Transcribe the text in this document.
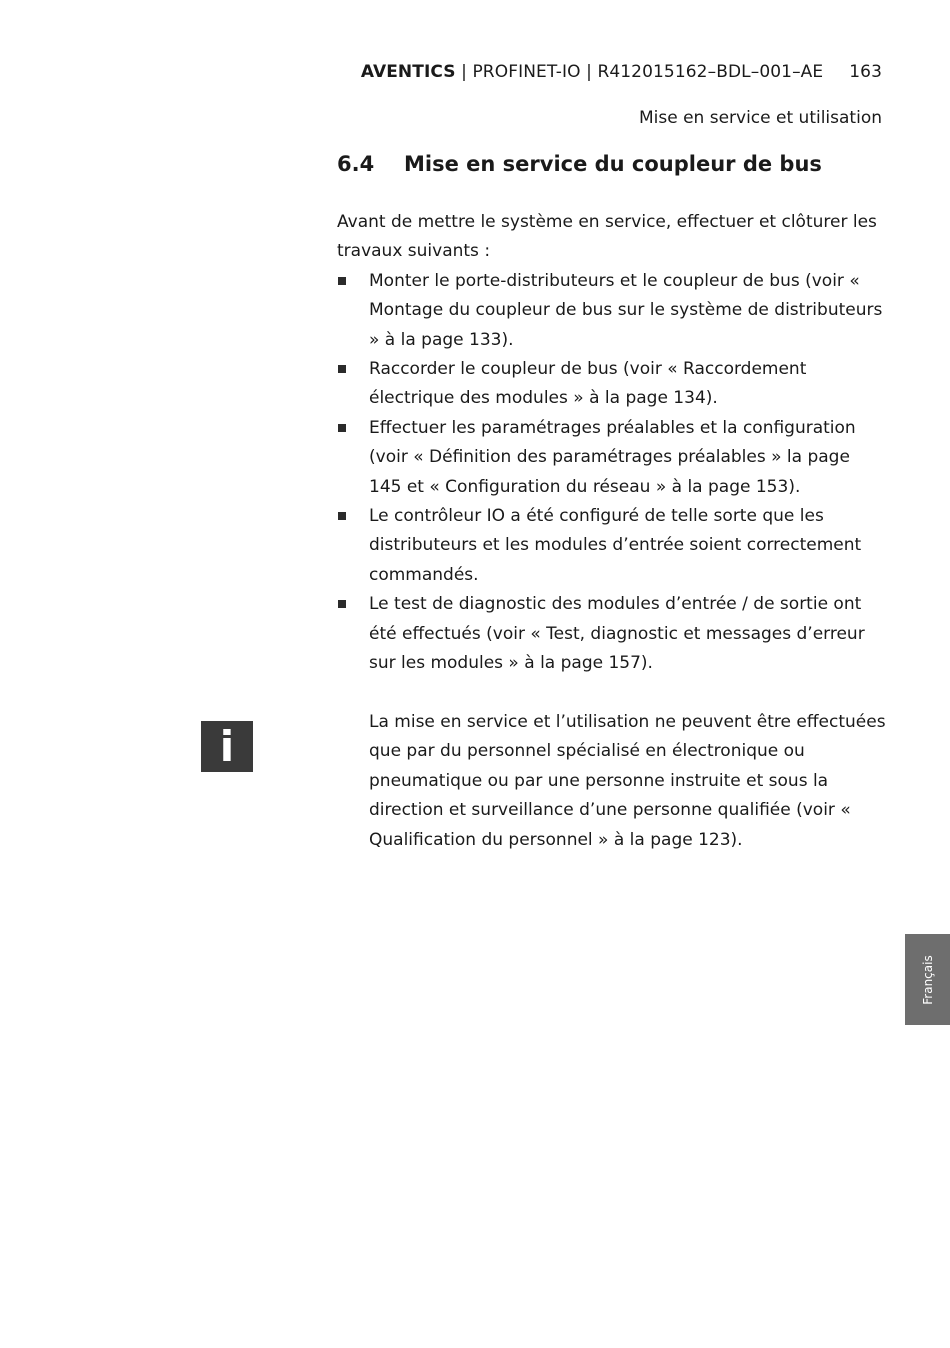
AVENTICS | PROFINET-IO | R412015162–BDL–001–AE 163
Mise en service et utilisation
6.4 Mise en service du coupleur de bus

Avant de mettre le système en service, effectuer et clôturer les travaux suivants :

Monter le porte-distributeurs et le coupleur de bus (voir « Montage du coupleur de bus sur le système de distributeurs » à la page 133).
Raccorder le coupleur de bus (voir « Raccordement électrique des modules » à la page 134).
Effectuer les paramétrages préalables et la configuration (voir « Définition des paramétrages préalables » la page 145 et « Configuration du réseau » à la page 153).
Le contrôleur IO a été configuré de telle sorte que les distributeurs et les modules d’entrée soient correctement commandés.
Le test de diagnostic des modules d’entrée / de sortie ont été effectués (voir « Test, diagnostic et messages d’erreur sur les modules » à la page 157).
i	La mise en service et l’utilisation ne peuvent être effectuées que par du personnel spécialisé en électronique ou pneumatique ou par une personne instruite et sous la direction et surveillance d’une personne qualifiée (voir « Qualification du personnel » à la page 123).

Français
